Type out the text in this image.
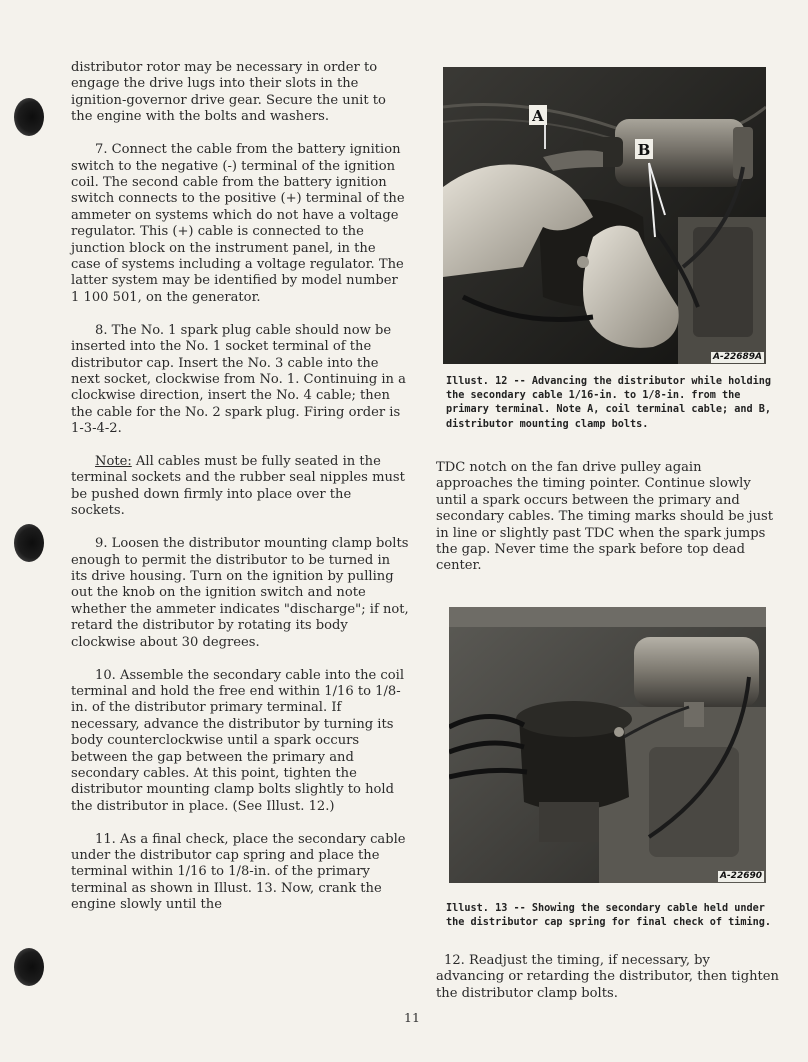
distributor rotor may be necessary in order to engage the drive lugs into their slots in the ignition-governor drive gear. Secure the unit to the engine with the bolts and washers.

7. Connect the cable from the battery ignition switch to the negative (-) terminal of the ignition coil. The second cable from the battery ignition switch connects to the positive (+) terminal of the ammeter on systems which do not have a voltage regulator. This (+) cable is connected to the junction block on the instrument panel, in the case of systems including a voltage regulator. The latter system may be identified by model number 1 100 501, on the generator.

8. The No. 1 spark plug cable should now be inserted into the No. 1 socket terminal of the distributor cap. Insert the No. 3 cable into the next socket, clockwise from No. 1. Continuing in a clockwise direction, insert the No. 4 cable; then the cable for the No. 2 spark plug. Firing order is 1-3-4-2.

Note: All cables must be fully seated in the terminal sockets and the rubber seal nipples must be pushed down firmly into place over the sockets.

9. Loosen the distributor mounting clamp bolts enough to permit the distributor to be turned in its drive housing. Turn on the ignition by pulling out the knob on the ignition switch and note whether the ammeter indicates "discharge"; if not, retard the distributor by rotating its body clockwise about 30 degrees.

10. Assemble the secondary cable into the coil terminal and hold the free end within 1/16 to 1/8-in. of the distributor primary terminal. If necessary, advance the distributor by turning its body counterclockwise until a spark occurs between the gap between the primary and secondary cables. At this point, tighten the distributor mounting clamp bolts slightly to hold the distributor in place. (See Illust. 12.)

11. As a final check, place the secondary cable under the distributor cap spring and place the terminal within 1/16 to 1/8-in. of the primary terminal as shown in Illust. 13. Now, crank the engine slowly until the

A
B
A-22689A

Illust. 12 -- Advancing the distributor while holding the secondary cable 1/16-in. to 1/8-in. from the primary terminal. Note A, coil terminal cable; and B, distributor mounting clamp bolts.

TDC notch on the fan drive pulley again approaches the timing pointer. Continue slowly until a spark occurs between the primary and secondary cables. The timing marks should be just in line or slightly past TDC when the spark jumps the gap. Never time the spark before top dead center.

A-22690

Illust. 13 -- Showing the secondary cable held under the distributor cap spring for final check of timing.

12. Readjust the timing, if necessary, by advancing or retarding the distributor, then tighten the distributor clamp bolts.

11
